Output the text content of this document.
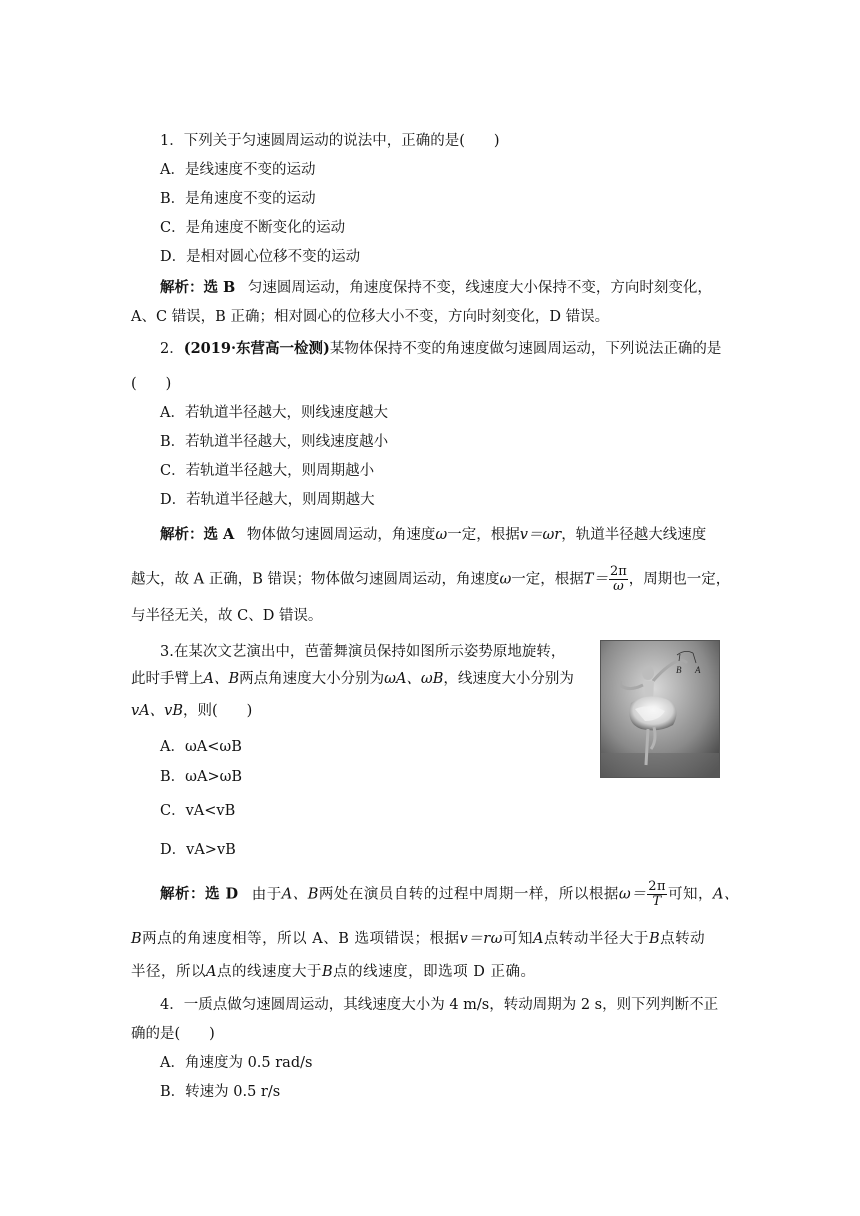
1．下列关于匀速圆周运动的说法中，正确的是(　　)
A．是线速度不变的运动
B．是角速度不变的运动
C．是角速度不断变化的运动
D．是相对圆心位移不变的运动
解析：选 B 匀速圆周运动，角速度保持不变，线速度大小保持不变，方向时刻变化，
A、C 错误，B 正确；相对圆心的位移大小不变，方向时刻变化，D 错误。
2．(2019·东营高一检测)某物体保持不变的角速度做匀速圆周运动，下列说法正确的是
(　　)
A．若轨道半径越大，则线速度越大
B．若轨道半径越大，则线速度越小
C．若轨道半径越大，则周期越小
D．若轨道半径越大，则周期越大
解析：选 A 物体做匀速圆周运动，角速度ω一定，根据v＝ωr，轨道半径越大线速度
越大，故 A 正确，B 错误；物体做匀速圆周运动，角速度ω一定，根据$T= \frac{2\pi}{\omega}$ ，周期也一定，
与半径无关，故 C、D 错误。
3.在某次文艺演出中，芭蕾舞演员保持如图所示姿势原地旋转，
此时手臂上A、B两点角速度大小分别为ωA、ωB，线速度大小分别为
vA、vB，则(　　)
A．ωA<ωB
B．ωA>ωB
C．vA<vB
D．vA>vB
B A
解析：选 D 由于A、B两处在演员自转的过程中周期一样，所以根据$\omega= \frac{2\pi}{T}$ 可知，A、
B两点的角速度相等，所以 A、B 选项错误；根据v＝rω可知A点转动半径大于B点转动
半径，所以A点的线速度大于B点的线速度，即选项 D 正确。
4．一质点做匀速圆周运动，其线速度大小为 4 m/s，转动周期为 2 s，则下列判断不正
确的是(　　)
A．角速度为 0.5 rad/s
B．转速为 0.5 r/s
